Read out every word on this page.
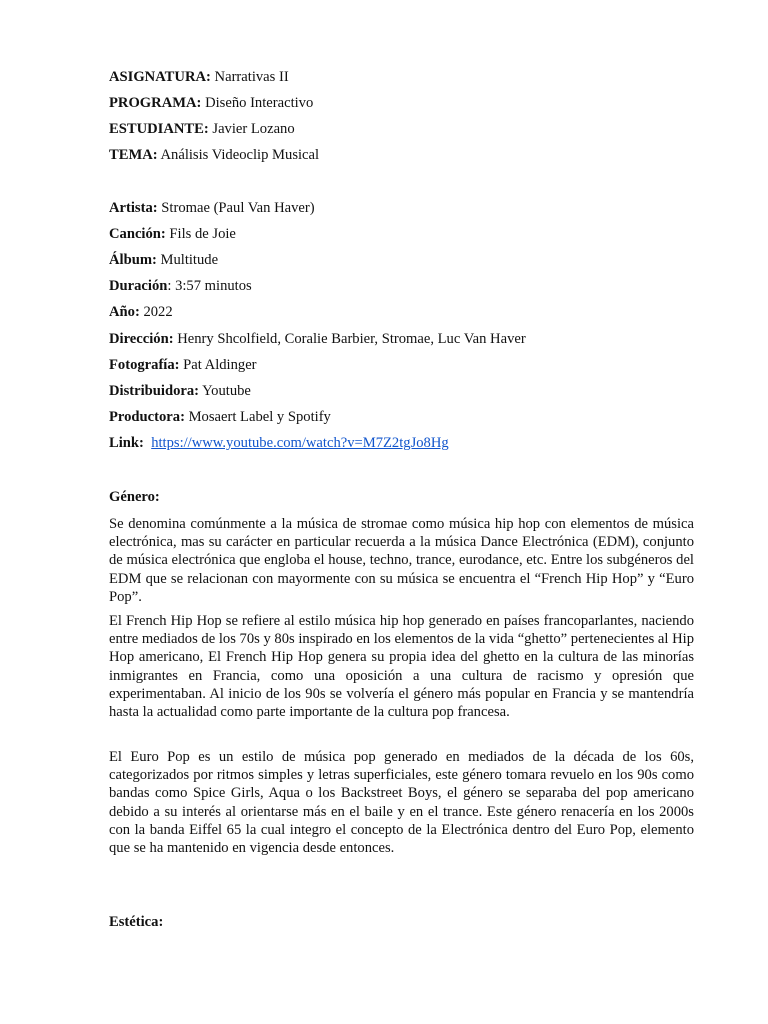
ASIGNATURA: Narrativas II
PROGRAMA: Diseño Interactivo
ESTUDIANTE: Javier Lozano
TEMA: Análisis Videoclip Musical
Artista: Stromae (Paul Van Haver)
Canción: Fils de Joie
Álbum: Multitude
Duración: 3:57 minutos
Año: 2022
Dirección: Henry Shcolfield, Coralie Barbier, Stromae, Luc Van Haver
Fotografía: Pat Aldinger
Distribuidora: Youtube
Productora: Mosaert Label y Spotify
Link: https://www.youtube.com/watch?v=M7Z2tgJo8Hg
Género:

Se denomina comúnmente a la música de stromae como música hip hop con elementos de música electrónica, mas su carácter en particular recuerda a la música Dance Electrónica (EDM), conjunto de música electrónica que engloba el house, techno, trance, eurodance, etc. Entre los subgéneros del EDM que se relacionan con mayormente con su música se encuentra el “French Hip Hop” y “Euro Pop”.

El French Hip Hop se refiere al estilo música hip hop generado en países francoparlantes, naciendo entre mediados de los 70s y 80s inspirado en los elementos de la vida “ghetto” pertenecientes al Hip Hop americano, El French Hip Hop genera su propia idea del ghetto en la cultura de las minorías inmigrantes en Francia, como una oposición a una cultura de racismo y opresión que experimentaban. Al inicio de los 90s se volvería el género más popular en Francia y se mantendría hasta la actualidad como parte importante de la cultura pop francesa.

El Euro Pop es un estilo de música pop generado en mediados de la década de los 60s, categorizados por ritmos simples y letras superficiales, este género tomara revuelo en los 90s como bandas como Spice Girls, Aqua o los Backstreet Boys, el género se separaba del pop americano debido a su interés al orientarse más en el baile y en el trance. Este género renacería en los 2000s con la banda Eiffel 65 la cual integro el concepto de la Electrónica dentro del Euro Pop, elemento que se ha mantenido en vigencia desde entonces.

Estética:
